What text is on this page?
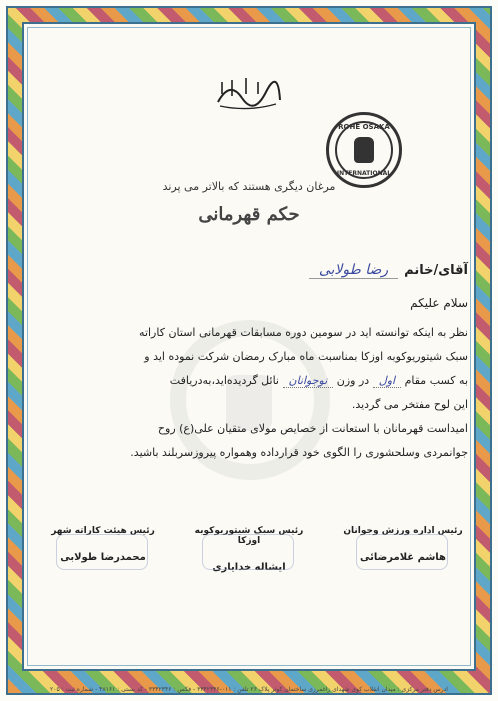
ROHE OSAKA
INTERNATIONAL
مرغان دیگری هستند که بالاتر می پرند
حکم قهرمانی
آقای/خانم
رضا طولابی
سلام علیکم
نظر به اینکه توانسته اید در سومین دوره مسابقات قهرمانی استان کاراته
سبک شیتوریوکوبه اوزکا بمناسبت ماه مبارک رمضان شرکت نموده اید و
به کسب مقام اول در وزن نوجوانان نائل گردیده‌اید،به‌دریافت
این لوح مفتخر می گردید.
امیداست قهرمانان با استعانت از خصایص مولای متقیان علی(ع) روح
جوانمردی وسلحشوری را الگوی خود قرارداده وهمواره پیروزسربلند باشید.
رئیس اداره ورزش وجوانان
هاشم غلامرضائی
رئیس سبک شیتوریوکوبه اوزکا
ایشاله خدایاری
رئیس هیئت کاراته شهر
محمدرضا طولابی
آدرس دفتر مرکزی : میدان انقلاب کوی شهدای زاغمرزی ساختمان کوثر پلاک ۲۶ تلفن : ۰۱۱-۳۳۴۲۳۴۶ - فکس : ۳۳۴۲۳۴۶ - کد پستی : ۴۸۱۶۱ - شماره ثبت : ۲۰۵
